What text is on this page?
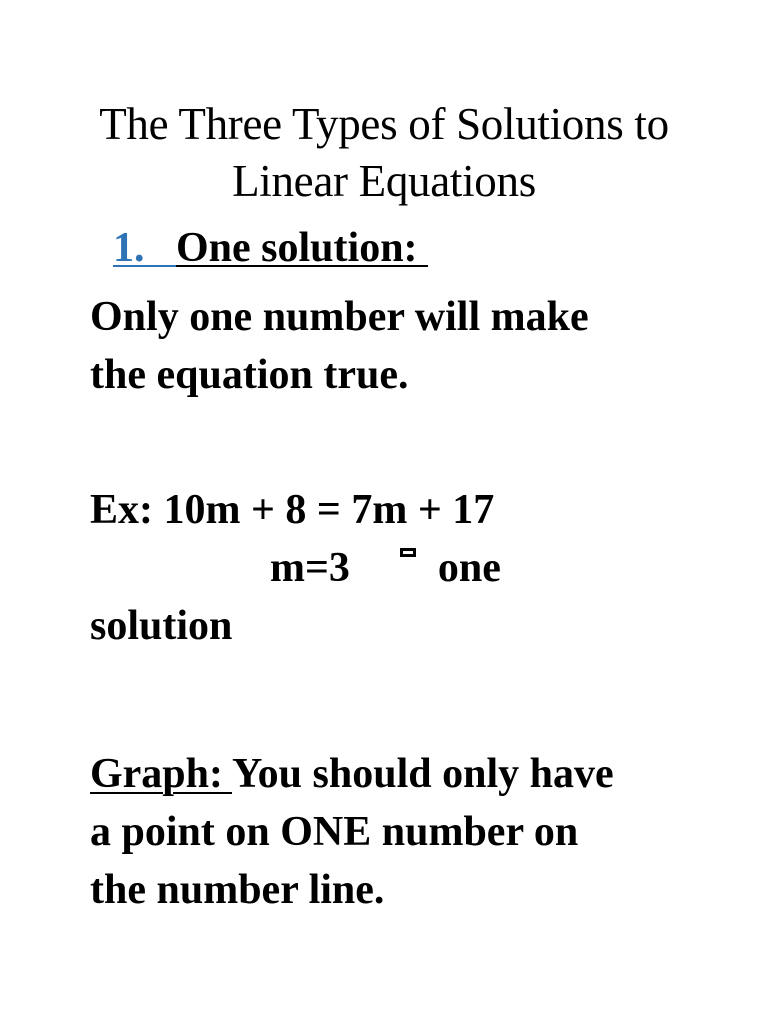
The Three Types of Solutions to
Linear Equations
1.   One solution:
Only one number will make
the equation true.
Ex: 10m + 8 = 7m + 17
m=3 one
solution
Graph: You should only have
a point on ONE number on
the number line.
